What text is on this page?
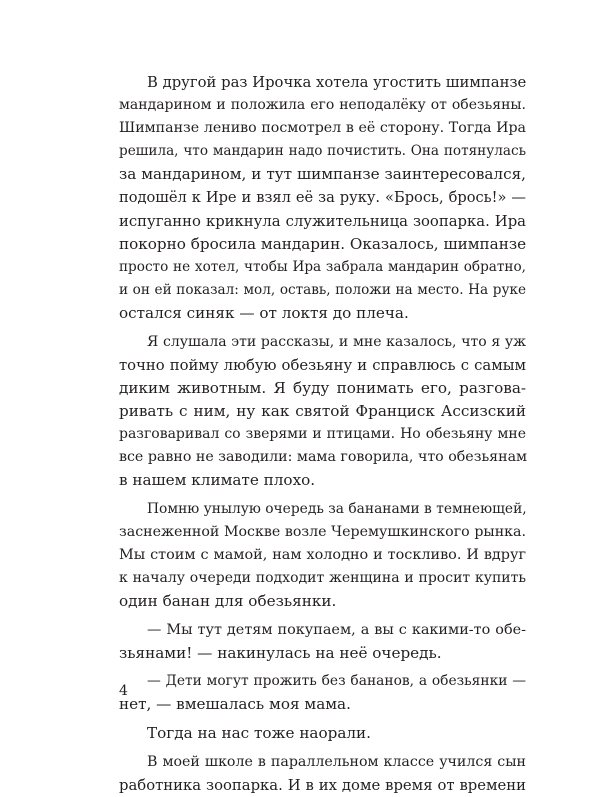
В другой раз Ирочка хотела угостить шимпанзе
мандарином и положила его неподалёку от обезьяны.
Шимпанзе лениво посмотрел в её сторону. Тогда Ира
решила, что мандарин надо почистить. Она потянулась
за мандарином, и тут шимпанзе заинтересовался,
подошёл к Ире и взял её за руку. «Брось, брось!» —
испуганно крикнула служительница зоопарка. Ира
покорно бросила мандарин. Оказалось, шимпанзе
просто не хотел, чтобы Ира забрала мандарин обратно,
и он ей показал: мол, оставь, положи на место. На руке
остался синяк — от локтя до плеча.
Я слушала эти рассказы, и мне казалось, что я уж
точно пойму любую обезьяну и справлюсь с самым
диким животным. Я буду понимать его, разгова-
ривать с ним, ну как святой Франциск Ассизский
разговаривал со зверями и птицами. Но обезьяну мне
все равно не заводили: мама говорила, что обезьянам
в нашем климате плохо.
Помню унылую очередь за бананами в темнеющей,
заснеженной Москве возле Черемушкинского рынка.
Мы стоим с мамой, нам холодно и тоскливо. И вдруг
к началу очереди подходит женщина и просит купить
один банан для обезьянки.
— Мы тут детям покупаем, а вы с какими-то обе-
зьянами! — накинулась на неё очередь.
— Дети могут прожить без бананов, а обезьянки —
нет, — вмешалась моя мама.
Тогда на нас тоже наорали.
В моей школе в параллельном классе учился сын
работника зоопарка. И в их доме время от времени
4
